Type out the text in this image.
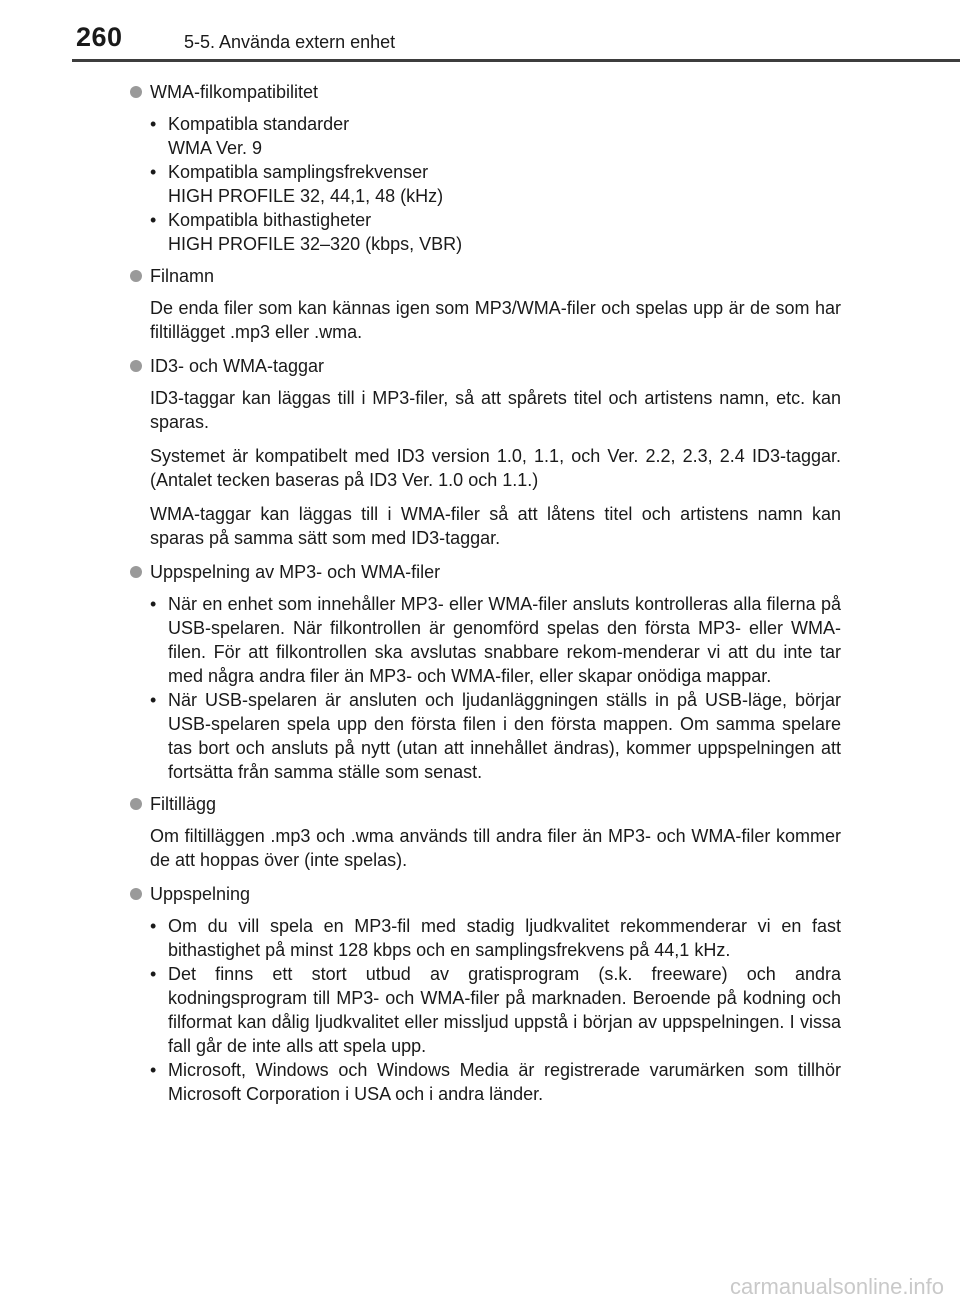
260	5-5. Använda extern enhet
WMA-filkompatibilitet
• Kompatibla standarder
WMA Ver. 9
• Kompatibla samplingsfrekvenser
HIGH PROFILE 32, 44,1, 48 (kHz)
• Kompatibla bithastigheter
HIGH PROFILE 32–320 (kbps, VBR)
Filnamn

De enda filer som kan kännas igen som MP3/WMA-filer och spelas upp är de som har filtillägget .mp3 eller .wma.

ID3- och WMA-taggar

ID3-taggar kan läggas till i MP3-filer, så att spårets titel och artistens namn, etc. kan sparas.

Systemet är kompatibelt med ID3 version 1.0, 1.1, och Ver. 2.2, 2.3, 2.4 ID3-taggar. (Antalet tecken baseras på ID3 Ver. 1.0 och 1.1.)

WMA-taggar kan läggas till i WMA-filer så att låtens titel och artistens namn kan sparas på samma sätt som med ID3-taggar.

Uppspelning av MP3- och WMA-filer
• När en enhet som innehåller MP3- eller WMA-filer ansluts kontrolleras alla filerna på USB-spelaren. När filkontrollen är genomförd spelas den första MP3- eller WMA-filen. För att filkontrollen ska avslutas snabbare rekom-menderar vi att du inte tar med några andra filer än MP3- och WMA-filer, eller skapar onödiga mappar.
• När USB-spelaren är ansluten och ljudanläggningen ställs in på USB-läge, börjar USB-spelaren spela upp den första filen i den första mappen. Om samma spelare tas bort och ansluts på nytt (utan att innehållet ändras), kommer uppspelningen att fortsätta från samma ställe som senast.
Filtillägg

Om filtilläggen .mp3 och .wma används till andra filer än MP3- och WMA-filer kommer de att hoppas över (inte spelas).

Uppspelning
• Om du vill spela en MP3-fil med stadig ljudkvalitet rekommenderar vi en fast bithastighet på minst 128 kbps och en samplingsfrekvens på 44,1 kHz.
• Det finns ett stort utbud av gratisprogram (s.k. freeware) och andra kodningsprogram till MP3- och WMA-filer på marknaden. Beroende på kodning och filformat kan dålig ljudkvalitet eller missljud uppstå i början av uppspelningen. I vissa fall går de inte alls att spela upp.
• Microsoft, Windows och Windows Media är registrerade varumärken som tillhör Microsoft Corporation i USA och i andra länder.
carmanualsonline.info
